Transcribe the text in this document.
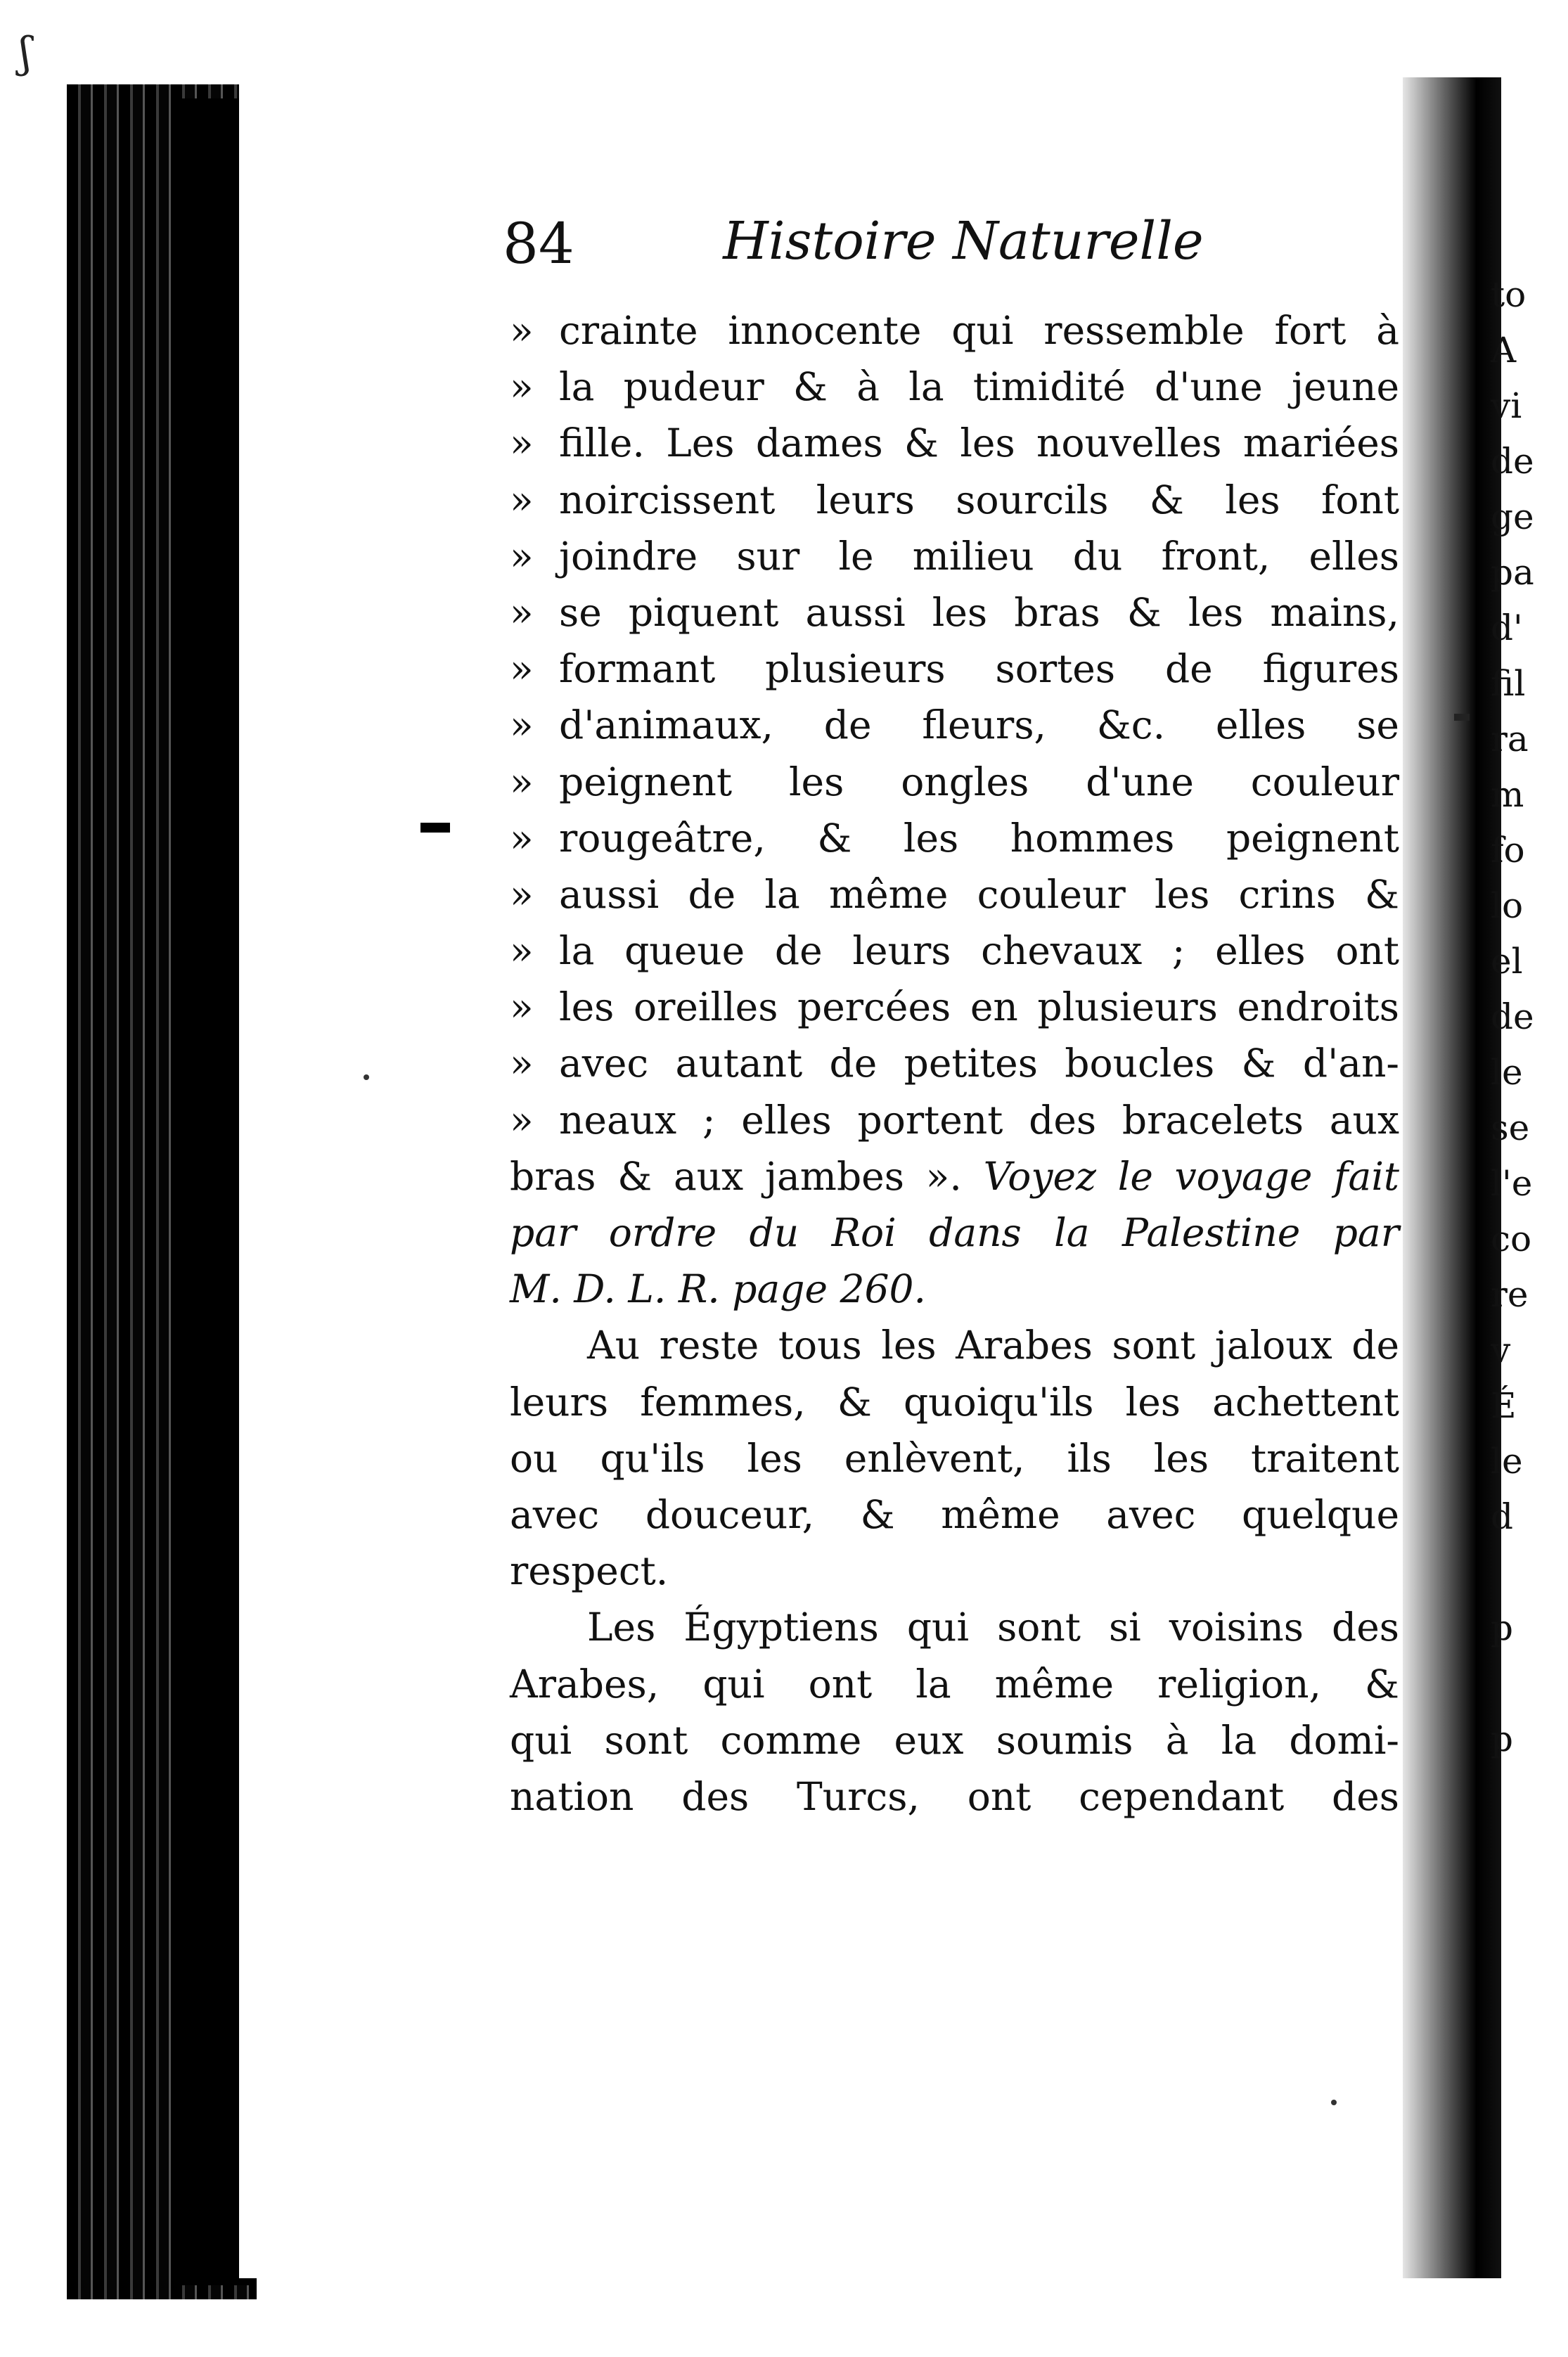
ʃ
84	Histoire Naturelle
» crainte innocente qui ressemble fort à
» la pudeur & à la timidité d'une jeune
» fille. Les dames & les nouvelles mariées
» noircissent leurs sourcils & les font
» joindre sur le milieu du front, elles
» se piquent aussi les bras & les mains,
» formant plusieurs sortes de figures
» d'animaux, de fleurs, &c. elles se
» peignent les ongles d'une couleur
» rougeâtre, & les hommes peignent
» aussi de la même couleur les crins &
» la queue de leurs chevaux ; elles ont
» les oreilles percées en plusieurs endroits
» avec autant de petites boucles & d'an-
» neaux ; elles portent des bracelets aux
bras & aux jambes ». Voyez le voyage fait
par ordre du Roi dans la Palestine par
M. D. L. R. page 260.
Au reste tous les Arabes sont jaloux de
leurs femmes, & quoiqu'ils les achettent
ou qu'ils les enlèvent, ils les traitent
avec douceur, & même avec quelque
respect.
Les Égyptiens qui sont si voisins des
Arabes, qui ont la même religion, &
qui sont comme eux soumis à la domi-
nation des Turcs, ont cependant des
to
A
vi
de
ge
pa
d'
fil
ra
m
fo
lo
el
de
le
se
l'e
co
re
v
É
le
d
p
p
